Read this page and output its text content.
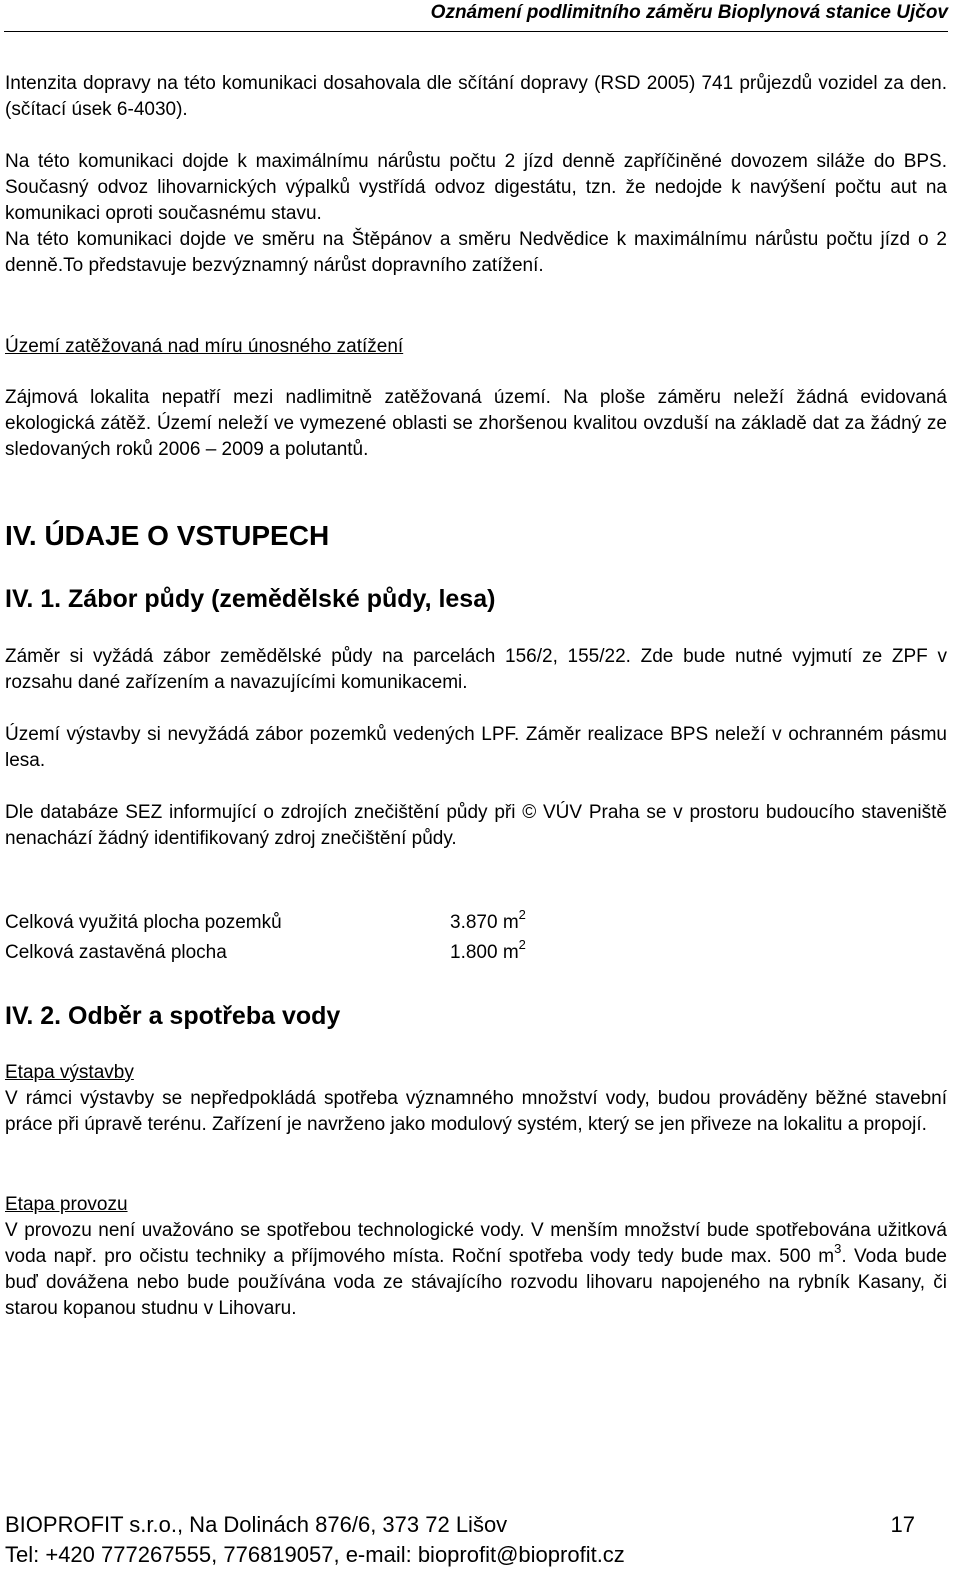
Oznámení podlimitního záměru Bioplynová stanice Ujčov
Intenzita dopravy na této komunikaci dosahovala dle sčítání dopravy (RSD 2005) 741 průjezdů vozidel za den. (sčítací úsek 6-4030).
Na této komunikaci dojde k maximálnímu nárůstu počtu 2 jízd denně zapříčiněné dovozem siláže do BPS. Současný odvoz lihovarnických výpalků vystřídá odvoz digestátu, tzn. že nedojde k navýšení počtu aut na komunikaci oproti současnému stavu.
Na této komunikaci dojde ve směru na Štěpánov a směru Nedvědice k maximálnímu nárůstu počtu jízd o 2 denně.To představuje bezvýznamný nárůst dopravního zatížení.
Území zatěžovaná nad míru únosného zatížení
Zájmová lokalita nepatří mezi nadlimitně zatěžovaná území. Na ploše záměru neleží žádná evidovaná ekologická zátěž. Území neleží ve vymezené oblasti se zhoršenou kvalitou ovzduší na základě dat za žádný ze sledovaných roků 2006 – 2009 a polutantů.
IV. ÚDAJE O VSTUPECH
IV. 1. Zábor půdy (zemědělské půdy, lesa)
Záměr si vyžádá zábor zemědělské půdy na parcelách 156/2, 155/22. Zde bude nutné vyjmutí ze ZPF v rozsahu dané zařízením a navazujícími komunikacemi.
Území výstavby si nevyžádá zábor pozemků vedených LPF. Záměr realizace BPS neleží v ochranném pásmu lesa.
Dle databáze SEZ informující o zdrojích znečištění půdy při © VÚV Praha se v prostoru budoucího staveniště nenachází žádný identifikovaný zdroj znečištění půdy.
Celková využitá plocha pozemků	3.870 $m^2$
Celková zastavěná plocha	1.800 $m^2$
IV. 2. Odběr a spotřeba vody
Etapa výstavby
V rámci výstavby se nepředpokládá spotřeba významného množství vody, budou prováděny běžné stavební práce při úpravě terénu. Zařízení je navrženo jako modulový systém, který se jen přiveze na lokalitu a propojí.
Etapa provozu
V provozu není uvažováno se spotřebou technologické vody. V menším množství bude spotřebována užitková voda např. pro očistu techniky a příjmového místa. Roční spotřeba vody tedy bude max. 500 $m^3$. Voda bude buď dovážena nebo bude používána voda ze stávajícího rozvodu lihovaru napojeného na rybník Kasany, či starou kopanou studnu v Lihovaru.
BIOPROFIT s.r.o., Na Dolinách 876/6, 373 72 Lišov	17
Tel: +420 777267555, 776819057, e-mail: bioprofit@bioprofit.cz
